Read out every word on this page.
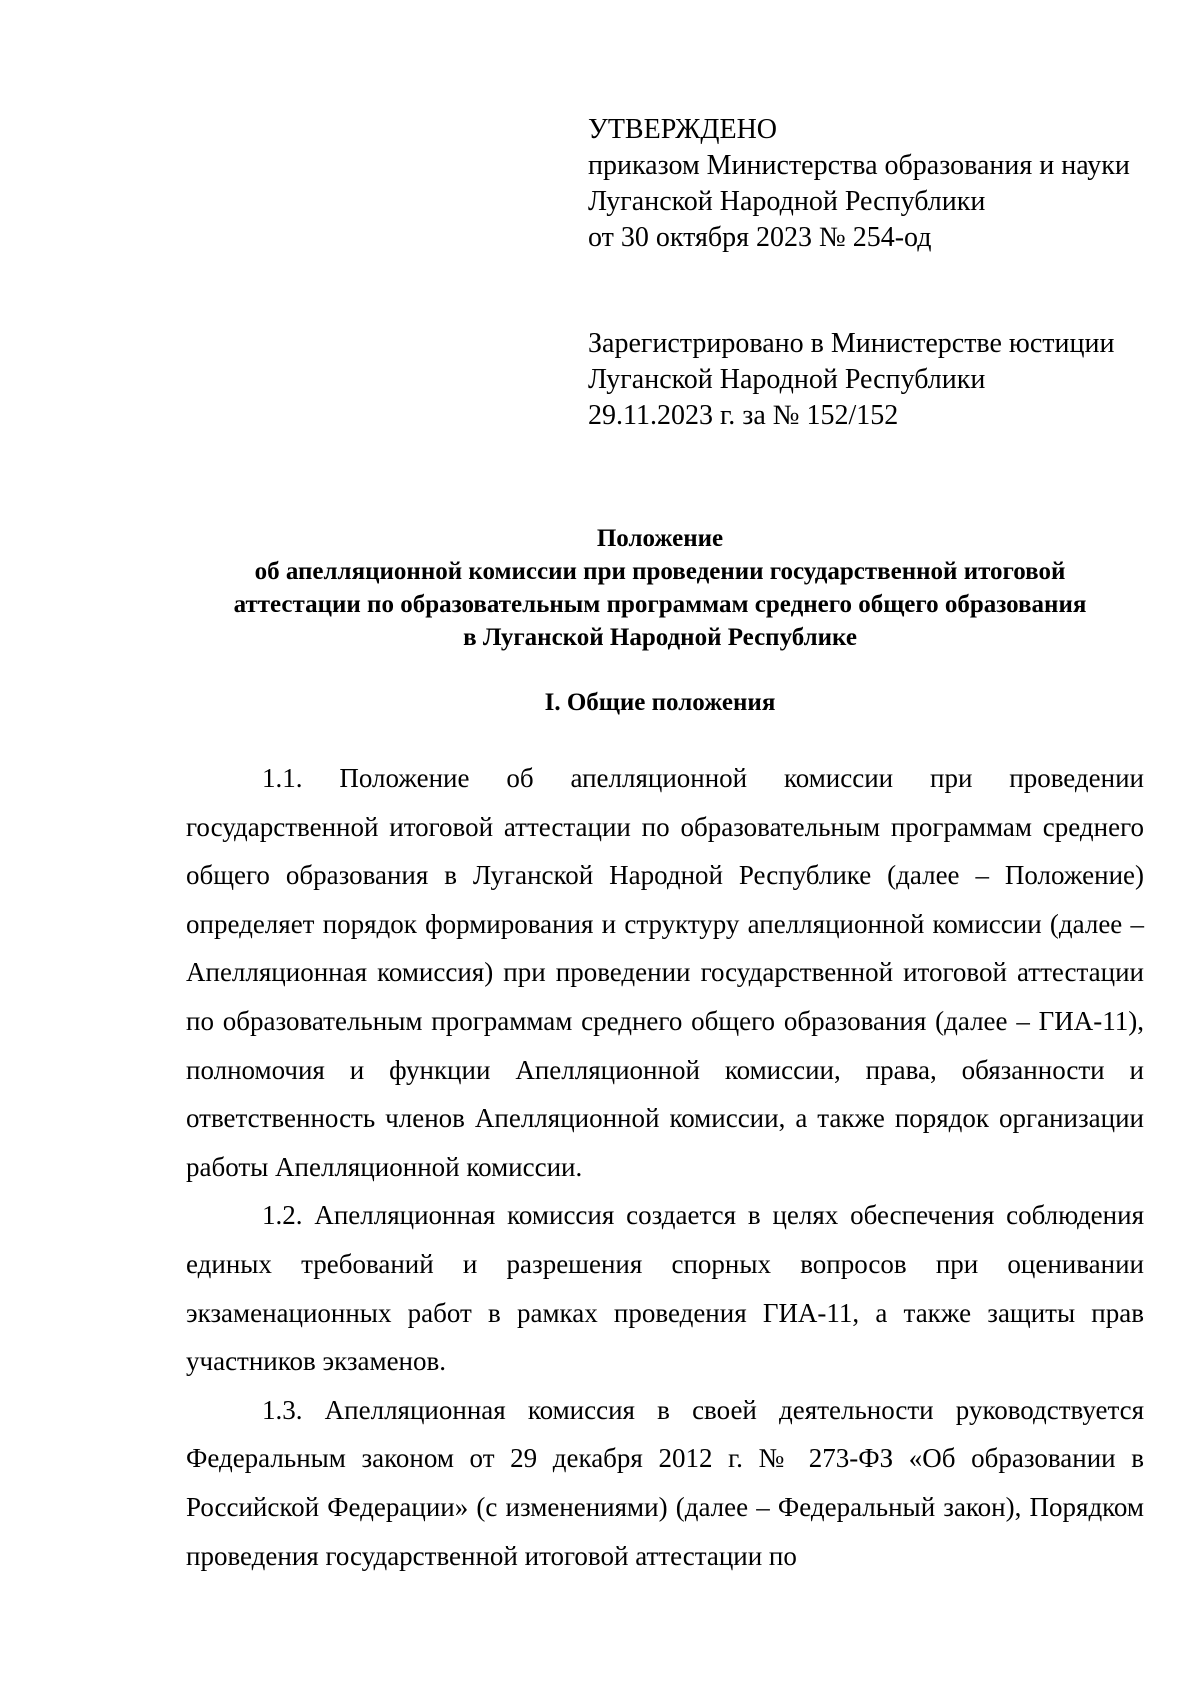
УТВЕРЖДЕНО
приказом Министерства образования и науки
Луганской Народной Республики
от 30 октября 2023 № 254-од
Зарегистрировано в Министерстве юстиции
Луганской Народной Республики
29.11.2023 г. за № 152/152
Положение
об апелляционной комиссии при проведении государственной итоговой
аттестации по образовательным программам среднего общего образования
в Луганской Народной Республике
I. Общие положения

1.1. Положение об апелляционной комиссии при проведении государственной итоговой аттестации по образовательным программам среднего общего образования в Луганской Народной Республике (далее – Положение) определяет порядок формирования и структуру апелляционной комиссии (далее – Апелляционная комиссия) при проведении государственной итоговой аттестации по образовательным программам среднего общего образования (далее – ГИА-11), полномочия и функции Апелляционной комиссии, права, обязанности и ответственность членов Апелляционной комиссии, а также порядок организации работы Апелляционной комиссии.

1.2. Апелляционная комиссия создается в целях обеспечения соблюдения единых требований и разрешения спорных вопросов при оценивании экзаменационных работ в рамках проведения ГИА-11, а также защиты прав участников экзаменов.

1.3. Апелляционная комиссия в своей деятельности руководствуется Федеральным законом от 29 декабря 2012 г. № 273-ФЗ «Об образовании в Российской Федерации» (с изменениями) (далее – Федеральный закон), Порядком проведения государственной итоговой аттестации по
